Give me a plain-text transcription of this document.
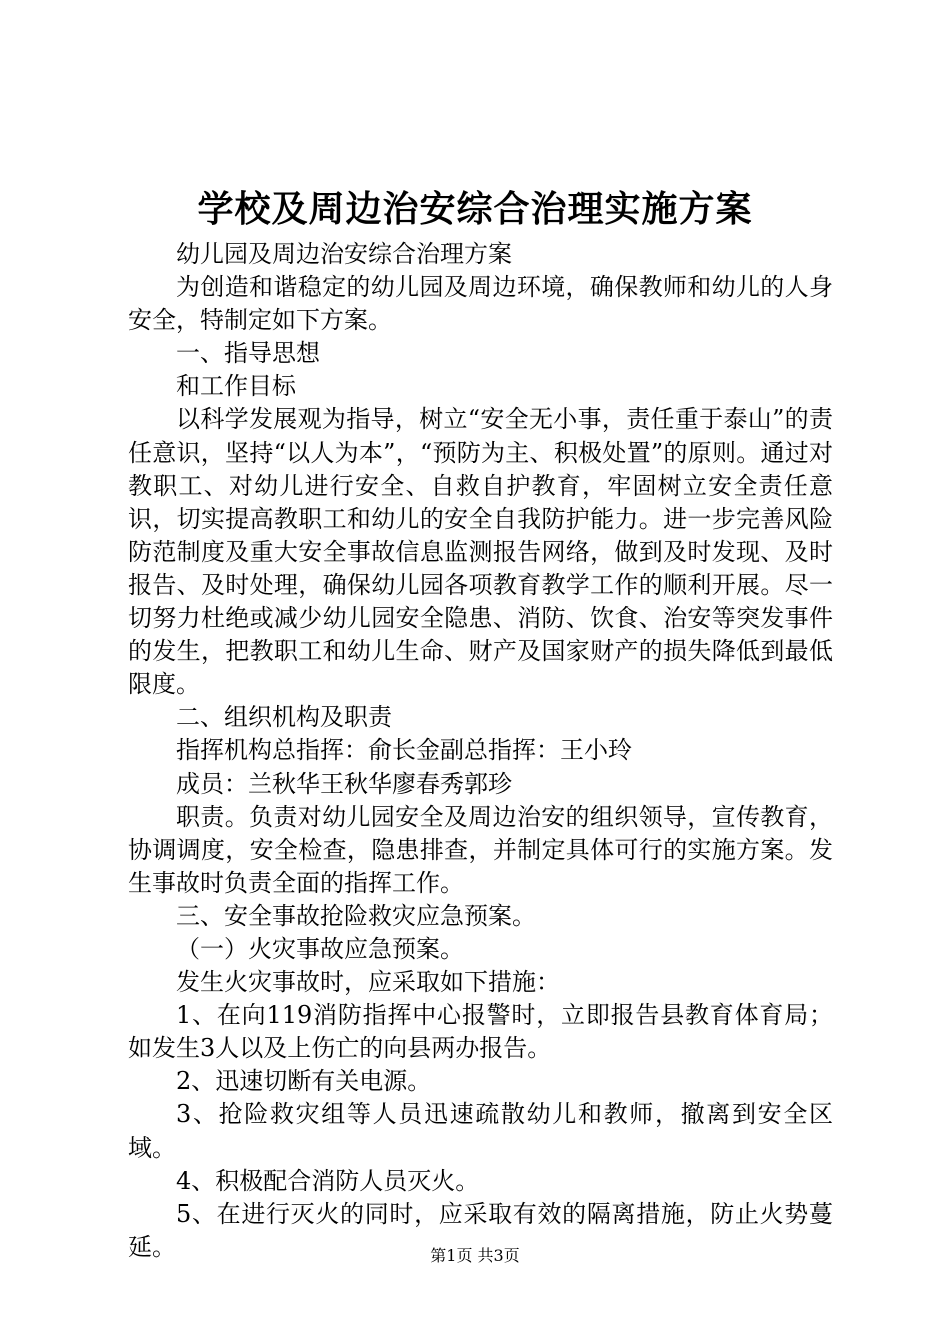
学校及周边治安综合治理实施方案

幼儿园及周边治安综合治理方案

为创造和谐稳定的幼儿园及周边环境，确保教师和幼儿的人身安全，特制定如下方案。

一、指导思想

和工作目标

以科学发展观为指导，树立“安全无小事，责任重于泰山”的责任意识，坚持“以人为本”，“预防为主、积极处置”的原则。通过对教职工、对幼儿进行安全、自救自护教育，牢固树立安全责任意识，切实提高教职工和幼儿的安全自我防护能力。进一步完善风险防范制度及重大安全事故信息监测报告网络，做到及时发现、及时报告、及时处理，确保幼儿园各项教育教学工作的顺利开展。尽一切努力杜绝或减少幼儿园安全隐患、消防、饮食、治安等突发事件的发生，把教职工和幼儿生命、财产及国家财产的损失降低到最低限度。

二、组织机构及职责

指挥机构总指挥：俞长金副总指挥：王小玲

成员：兰秋华王秋华廖春秀郭珍

职责。负责对幼儿园安全及周边治安的组织领导，宣传教育，协调调度，安全检查，隐患排查，并制定具体可行的实施方案。发生事故时负责全面的指挥工作。

三、安全事故抢险救灾应急预案。

（一）火灾事故应急预案。

发生火灾事故时，应采取如下措施：

1、在向119消防指挥中心报警时，立即报告县教育体育局；如发生3人以及上伤亡的向县两办报告。

2、迅速切断有关电源。

3、抢险救灾组等人员迅速疏散幼儿和教师，撤离到安全区域。

4、积极配合消防人员灭火。

5、在进行灭火的同时，应采取有效的隔离措施，防止火势蔓延。	第1页 共3页
